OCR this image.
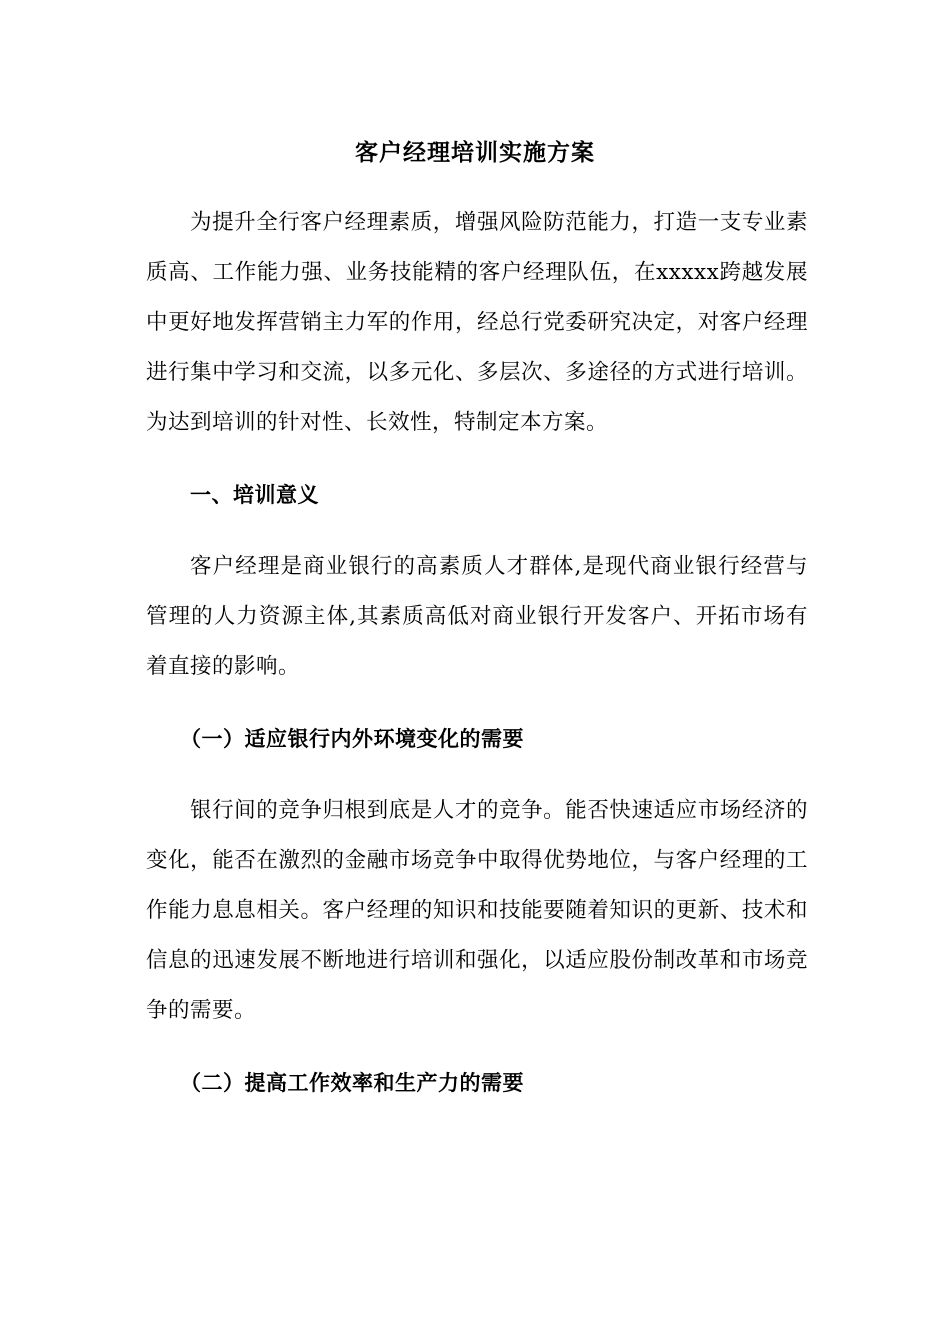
客户经理培训实施方案

为提升全行客户经理素质，增强风险防范能力，打造一支专业素质高、工作能力强、业务技能精的客户经理队伍，在xxxxx跨越发展中更好地发挥营销主力军的作用，经总行党委研究决定，对客户经理进行集中学习和交流，以多元化、多层次、多途径的方式进行培训。为达到培训的针对性、长效性，特制定本方案。

一、培训意义

客户经理是商业银行的高素质人才群体,是现代商业银行经营与管理的人力资源主体,其素质高低对商业银行开发客户、开拓市场有着直接的影响。

（一）适应银行内外环境变化的需要

银行间的竞争归根到底是人才的竞争。能否快速适应市场经济的变化，能否在激烈的金融市场竞争中取得优势地位，与客户经理的工作能力息息相关。客户经理的知识和技能要随着知识的更新、技术和信息的迅速发展不断地进行培训和强化，以适应股份制改革和市场竞争的需要。

（二）提高工作效率和生产力的需要
